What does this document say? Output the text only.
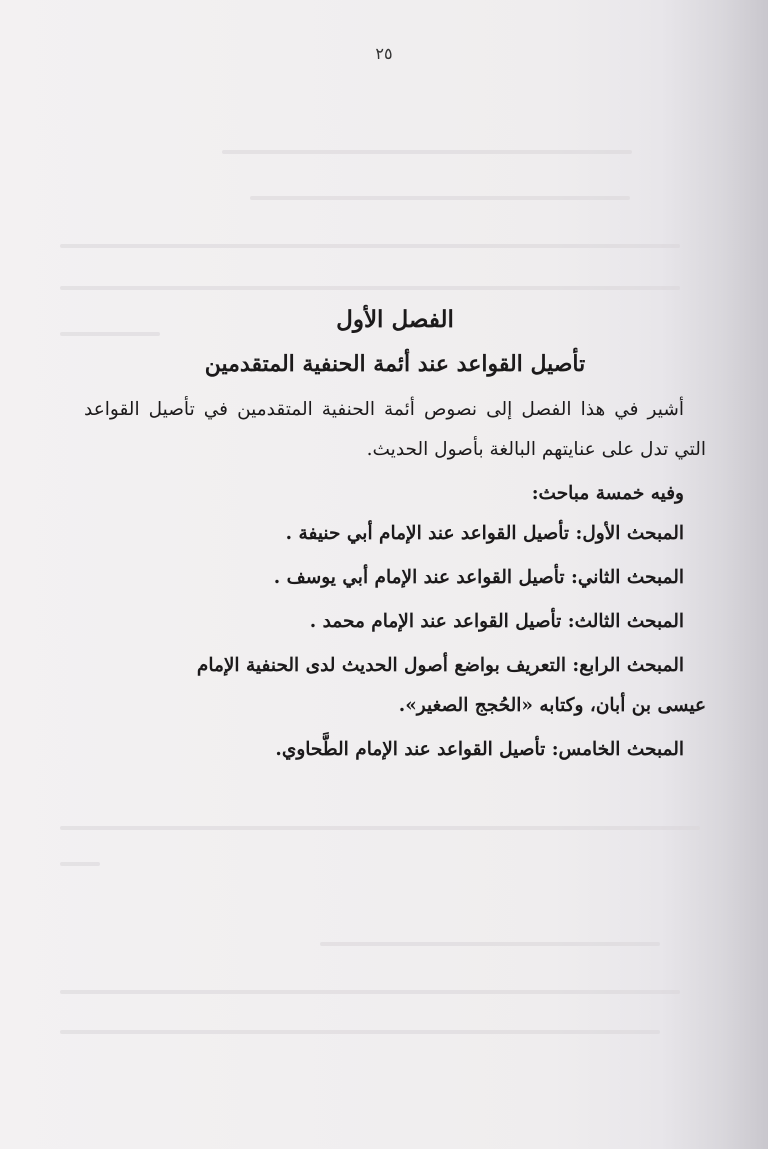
٢٥
الفصل الأول
تأصيل القواعد عند أئمة الحنفية المتقدمين

أشير في هذا الفصل إلى نصوص أئمة الحنفية المتقدمين في تأصيل القواعد التي تدل على عنايتهم البالغة بأصول الحديث.

وفيه خمسة مباحث:

المبحث الأول: تأصيل القواعد عند الإمام أبي حنيفة .
المبحث الثاني: تأصيل القواعد عند الإمام أبي يوسف .
المبحث الثالث: تأصيل القواعد عند الإمام محمد .
المبحث الرابع: التعريف بواضع أصول الحديث لدى الحنفية الإمام
عيسى بن أبان، وكتابه «الحُجج الصغير».
المبحث الخامس: تأصيل القواعد عند الإمام الطَّحاوي.
